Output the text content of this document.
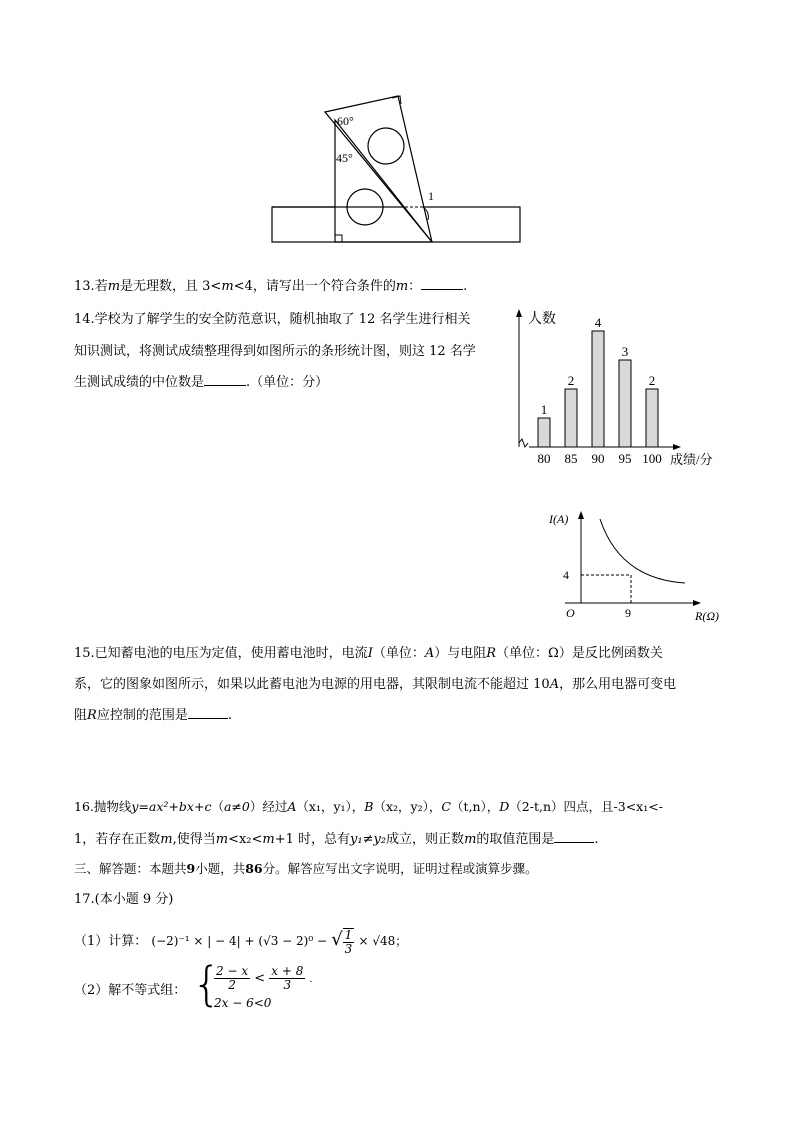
60°
45°
1
13.若m是无理数，且 3<m<4，请写出一个符合条件的m：	.
14.学校为了解学生的安全防范意识，随机抽取了 12 名学生进行相关
知识测试，将测试成绩整理得到如图所示的条形统计图，则这 12 名学
生测试成绩的中位数是	.（单位：分）
人数
成绩/分
1
80
2
85
4
90
3
95
2
100
I(A)
R(Ω)
O
4
9
15.已知蓄电池的电压为定值，使用蓄电池时，电流I（单位：A）与电阻R（单位：Ω）是反比例函数关
系，它的图象如图所示，如果以此蓄电池为电源的用电器，其限制电流不能超过 10A，那么用电器可变电
阻R应控制的范围是	.
16.抛物线y=ax²+bx+c（a≠0）经过A（x₁，y₁），B（x₂，y₂），C（t,n），D（2-t,n）四点，且-3<x₁<-
1，若存在正数m,使得当m<x₂<m+1 时，总有y₁≠y₂成立，则正数m的取值范围是	.
三、解答题：本题共9小题，共86分。解答应写出文字说明，证明过程或演算步骤。
17.(本小题 9 分)
（1）计算： (−2)⁻¹ × | − 4| + (√3 − 2)⁰ − √ $\frac{1}{3} \times √48$；
（2）解不等式组： {
$\frac{2 - x}{2} < \frac{x + 8}{3}$ .
2x − 6<0
